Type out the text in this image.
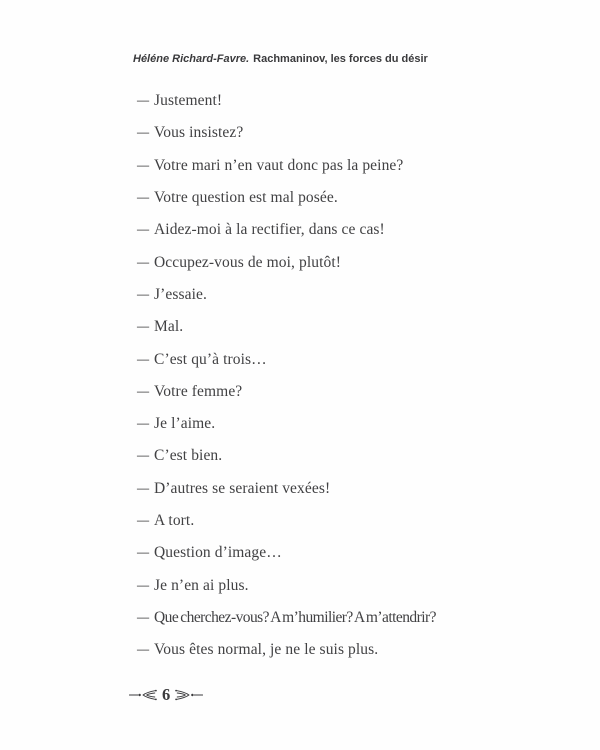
Héléne Richard-Favre. Rachmaninov, les forces du désir
— Justement!
— Vous insistez?
— Votre mari n’en vaut donc pas la peine?
— Votre question est mal posée.
— Aidez-moi à la rectifier, dans ce cas!
— Occupez-vous de moi, plutôt!
— J’essaie.
— Mal.
— C’est qu’à trois…
— Votre femme?
— Je l’aime.
— C’est bien.
— D’autres se seraient vexées!
— A tort.
— Question d’image…
— Je n’en ai plus.
— Que cherchez-vous? A m’humilier? A m’attendrir?
— Vous êtes normal, je ne le suis plus.
6
